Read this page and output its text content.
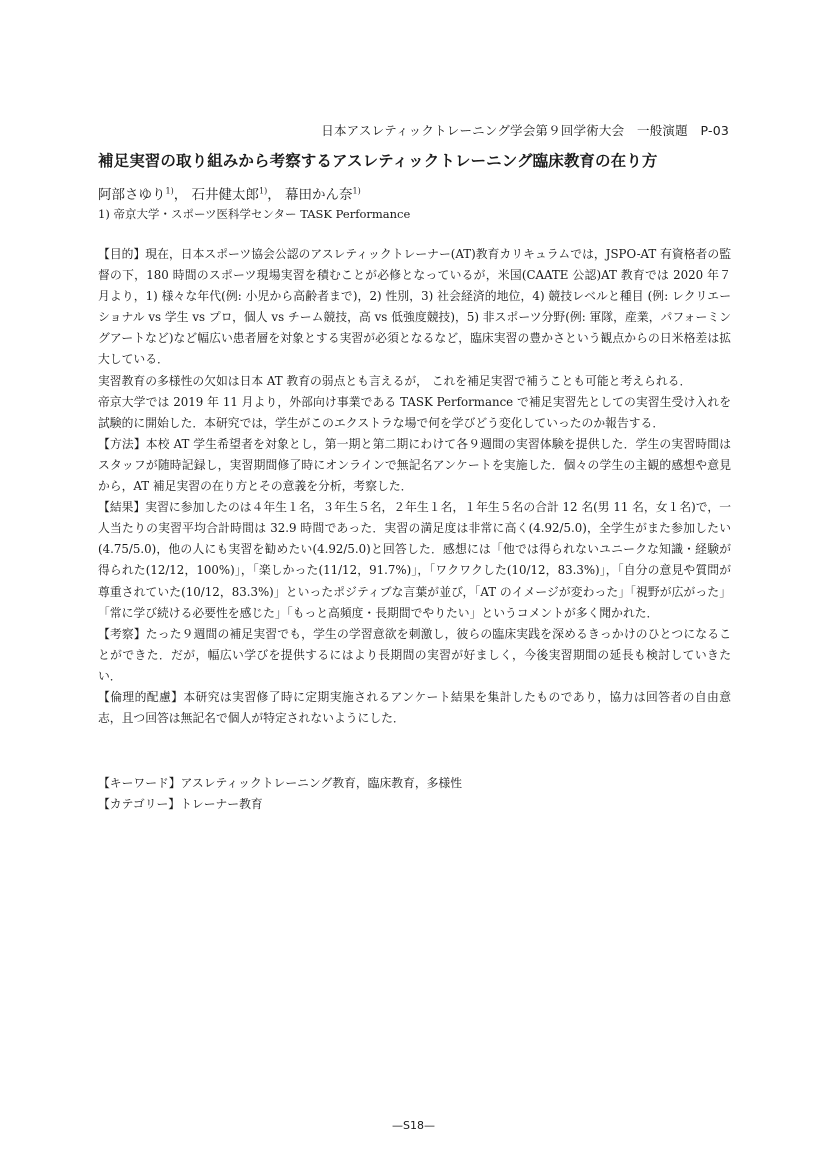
日本アスレティックトレーニング学会第９回学術大会　一般演題　P-03
補足実習の取り組みから考察するアスレティックトレーニング臨床教育の在り方
阿部さゆり$^{1)}$， 石井健太郎$^{1)}$， 幕田かん奈$^{1)}$
1) 帝京大学・スポーツ医科学センター TASK Performance

【目的】現在，日本スポーツ協会公認のアスレティックトレーナー(AT)教育カリキュラムでは，JSPO-AT 有資格者の監督の下，180 時間のスポーツ現場実習を積むことが必修となっているが，米国(CAATE 公認)AT 教育では 2020 年７月より，1) 様々な年代(例: 小児から高齢者まで)，2) 性別，3) 社会経済的地位，4) 競技レベルと種目 (例: レクリエーショナル vs 学生 vs プロ，個人 vs チーム競技，高 vs 低強度競技)，5) 非スポーツ分野(例: 軍隊，産業，パフォーミングアートなど)など幅広い患者層を対象とする実習が必須となるなど，臨床実習の豊かさという観点からの日米格差は拡大している．

実習教育の多様性の欠如は日本 AT 教育の弱点とも言えるが， これを補足実習で補うことも可能と考えられる．

帝京大学では 2019 年 11 月より，外部向け事業である TASK Performance で補足実習先としての実習生受け入れを試験的に開始した．本研究では，学生がこのエクストラな場で何を学びどう変化していったのか報告する．

【方法】本校 AT 学生希望者を対象とし，第一期と第二期にわけて各９週間の実習体験を提供した．学生の実習時間はスタッフが随時記録し，実習期間修了時にオンラインで無記名アンケートを実施した．個々の学生の主観的感想や意見から，AT 補足実習の在り方とその意義を分析，考察した．

【結果】実習に参加したのは４年生１名，３年生５名，２年生１名，１年生５名の合計 12 名(男 11 名，女１名)で，一人当たりの実習平均合計時間は 32.9 時間であった．実習の満足度は非常に高く(4.92/5.0)，全学生がまた参加したい(4.75/5.0)，他の人にも実習を勧めたい(4.92/5.0)と回答した．感想には「他では得られないユニークな知識・経験が得られた(12/12，100%)」，「楽しかった(11/12，91.7%)」，「ワクワクした(10/12，83.3%)」，「自分の意見や質問が尊重されていた(10/12，83.3%)」といったポジティブな言葉が並び，「AT のイメージが変わった」「視野が広がった」「常に学び続ける必要性を感じた」「もっと高頻度・長期間でやりたい」というコメントが多く聞かれた．

【考察】たった９週間の補足実習でも，学生の学習意欲を刺激し，彼らの臨床実践を深めるきっかけのひとつになることができた．だが，幅広い学びを提供するにはより長期間の実習が好ましく，今後実習期間の延長も検討していきたい．

【倫理的配慮】本研究は実習修了時に定期実施されるアンケート結果を集計したものであり，協力は回答者の自由意志，且つ回答は無記名で個人が特定されないようにした．

【キーワード】アスレティックトレーニング教育，臨床教育，多様性

【カテゴリー】トレーナー教育

—S18—
